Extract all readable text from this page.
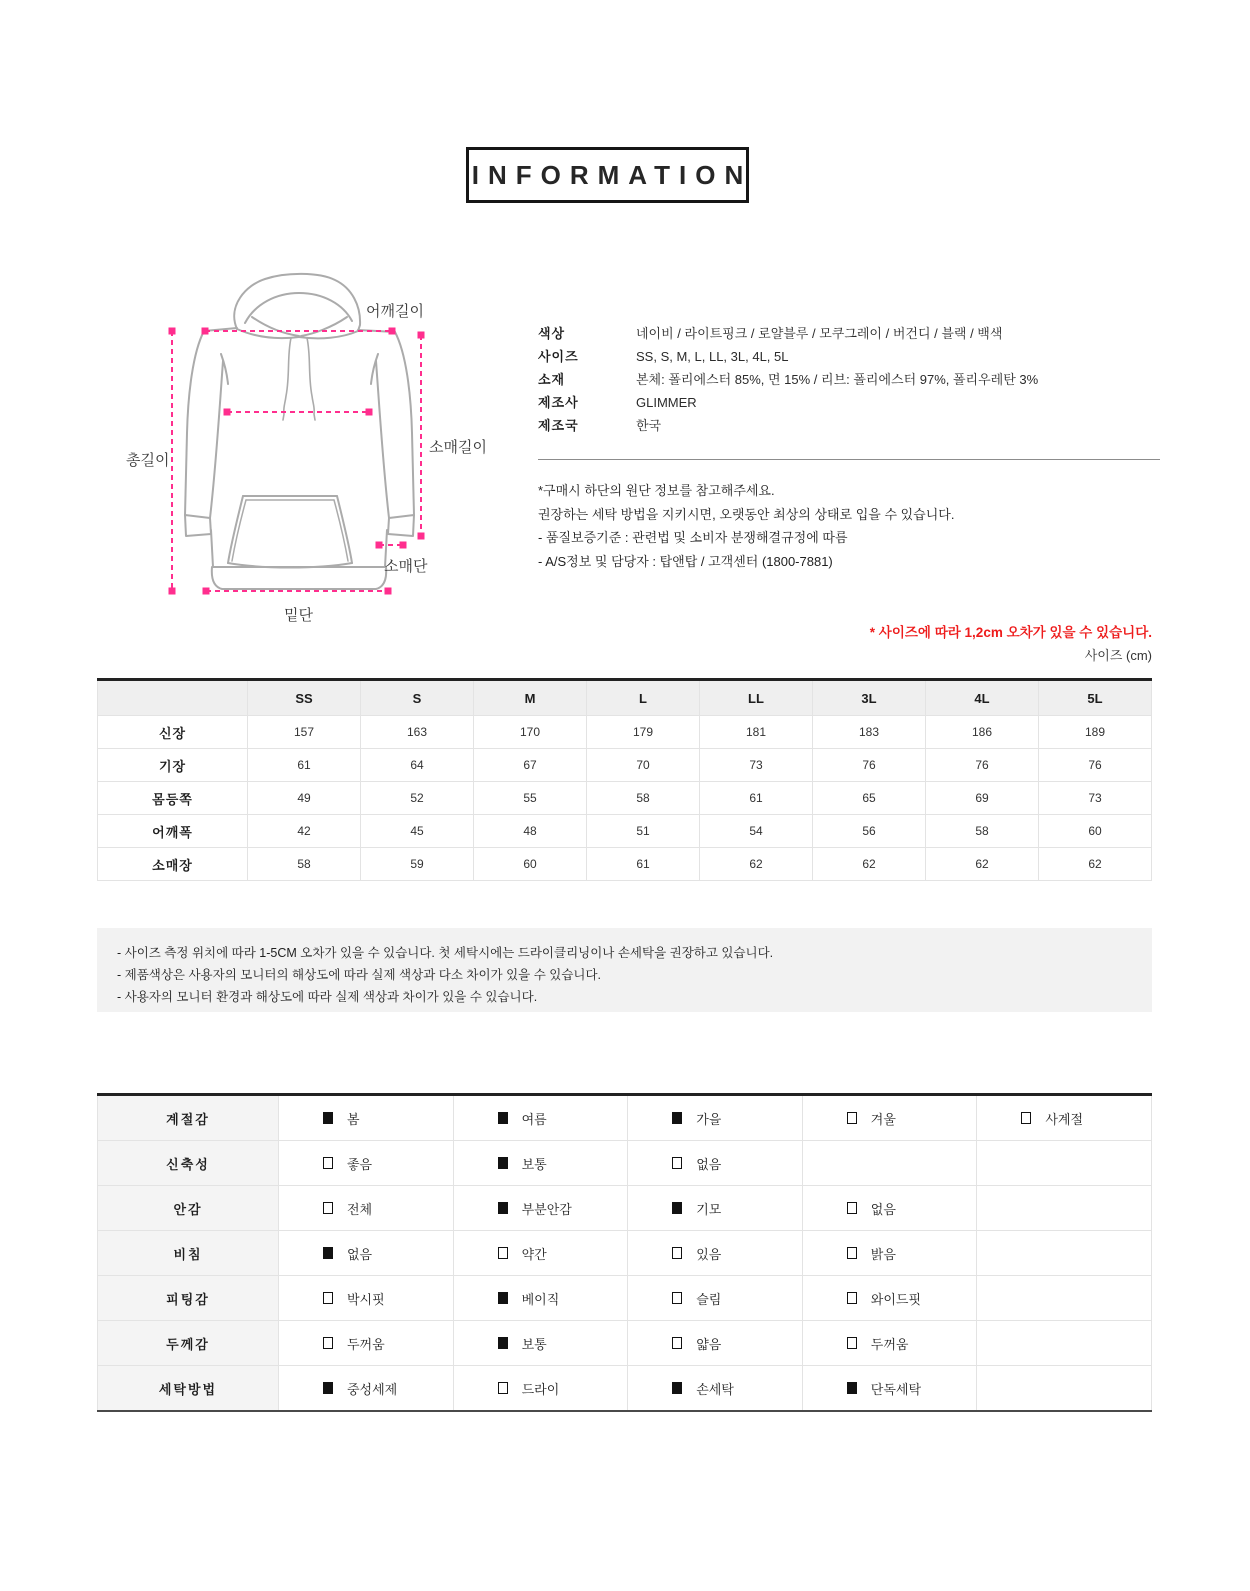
INFORMATION
어깨길이
총길이
소매길이
소매단
밑단
색상	네이비 / 라이트핑크 / 로얄블루 / 모쿠그레이 / 버건디 / 블랙 / 백색
사이즈	SS, S, M, L, LL, 3L, 4L, 5L
소재	본체: 폴리에스터 85%, 면 15% / 리브: 폴리에스터 97%, 폴리우레탄 3%
제조사	GLIMMER
제조국	한국
*구매시 하단의 원단 정보를 참고해주세요.
권장하는 세탁 방법을 지키시면, 오랫동안 최상의 상태로 입을 수 있습니다.
- 품질보증기준 : 관련법 및 소비자 분쟁해결규정에 따름
- A/S정보 및 담당자 : 탑앤탑 / 고객센터 (1800-7881)
* 사이즈에 따라 1,2cm 오차가 있을 수 있습니다.
사이즈 (cm)
	SS	S	M	L	LL	3L	4L	5L
신장	157	163	170	179	181	183	186	189
기장	61	64	67	70	73	76	76	76
몸등쪽	49	52	55	58	61	65	69	73
어깨폭	42	45	48	51	54	56	58	60
소매장	58	59	60	61	62	62	62	62
- 사이즈 측정 위치에 따라 1-5CM 오차가 있을 수 있습니다. 첫 세탁시에는 드라이클리닝이나 손세탁을 권장하고 있습니다.
- 제품색상은 사용자의 모니터의 해상도에 따라 실제 색상과 다소 차이가 있을 수 있습니다.
- 사용자의 모니터 환경과 해상도에 따라 실제 색상과 차이가 있을 수 있습니다.
계절감	봄	여름	가을	겨울	사계절

신축성	좋음	보통	없음		

안감	전체	부분안감	기모	없음	

비침	없음	약간	있음	밝음	

피팅감	박시핏	베이직	슬림	와이드핏	

두께감	두꺼움	보통	얇음	두꺼움	

세탁방법	중성세제	드라이	손세탁	단독세탁	
